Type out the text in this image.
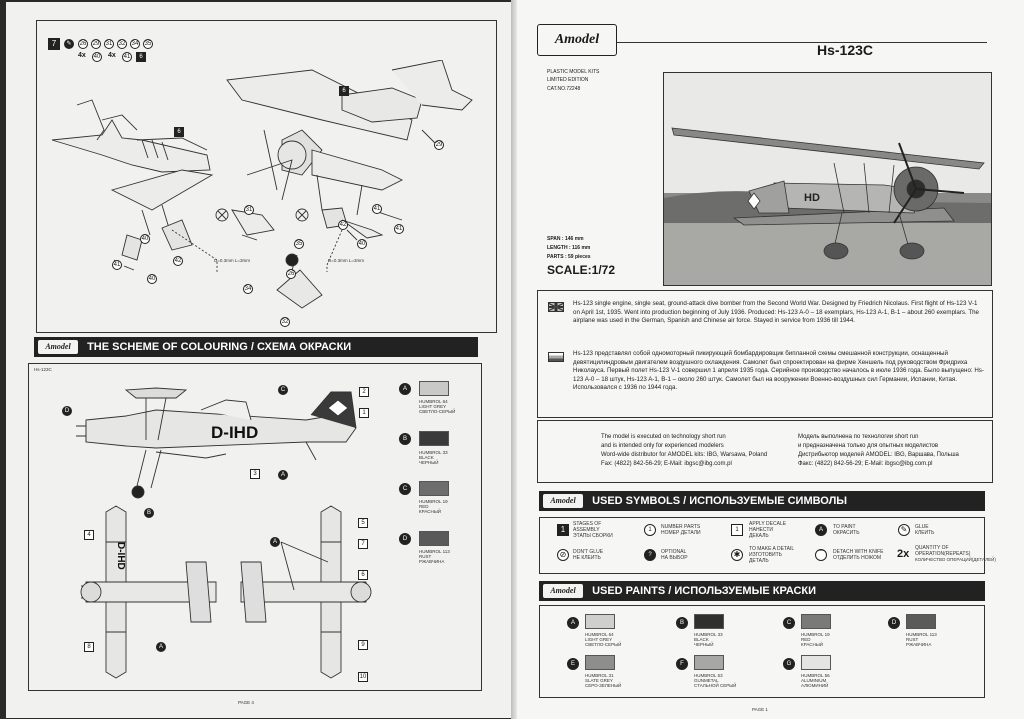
7	✎	26 29 31 32 34 35
4x 40 4x 41	6
6
6
29
41
40
31
35
42
41
40
42
40
41
26
34
32
D=0.3mm L=3mm	D=0.3mm L=3mm
Amodel THE SCHEME OF COLOURING / СХЕМА ОКРАСКИ
Hs-123C
D-IHD
D-IHD
2
1
3
5
7
4
6
8	9
10
C
D
A
B
A
A
A
HUMBROL 64
LIGHT GREY
СВЕТЛО-СЕРЫЙ
B
HUMBROL 33
BLACK
ЧЕРНЫЙ
C
HUMBROL 19
RED
КРАСНЫЙ
D
HUMBROL 113
RUST
РЖАВЧИНА
PAGE 4
Amodel
Hs-123C
PLASTIC MODEL KITS
LIMITED EDITION
CAT.NO.72248
HD
SPAN : 146 mm
LENGTH : 116 mm
PARTS : 59 pieces
SCALE:1/72
Hs-123 single engine, single seat, ground-attack dive bomber from the Second World War. Designed by Friedrich Nicolaus. First flight of Hs-123 V-1 on April 1st, 1935. Went into production beginning of July 1936. Produced: Hs-123 A-0 – 18 exemplars, Hs-123 A-1, B-1 – about 260 exemplars. The airplane was used in the German, Spanish and Chinese air force. Stayed in service from 1936 till 1944.
Hs-123 представлял собой одномоторный пикирующий бомбардировщик бипланной схемы смешанной конструкции, оснащенный девятицилиндровым двигателем воздушного охлаждения. Самолет был спроектирован на фирме Хеншель под руководством Фридриха Николауса. Первый полет Hs-123 V-1 совершил 1 апреля 1935 года. Серийное производство началось в июле 1936 года. Было выпущено: Hs-123 A-0 – 18 штук, Hs-123 A-1, B-1 – около 260 штук. Самолет был на вооружении Военно-воздушных сил Германии, Испании, Китая. Использовался с 1936 по 1944 года.
The model is executed on technology short run
and is intended only for experienced modelers
Word-wide distributor for AMODEL kits: IBG, Warsawa, Poland
Fax: (4822) 842-56-29; E-Mail: ibgsc@ibg.com.pl
Модель выполнена по технологии short run
и предназначена только для опытных моделистов
Дистрибьютор моделей AMODEL: IBG, Варшава, Польша
Факс: (4822) 842-56-29; E-Mail: ibgsc@ibg.com.pl
Amodel USED SYMBOLS / ИСПОЛЬЗУЕМЫЕ СИМВОЛЫ
1
STAGES OF
ASSEMBLY
ЭТАПЫ СБОРКИ
1	NUMBER PARTS
НОМЕР ДЕТАЛИ	1
APPLY DECALE
НАНЕСТИ
ДЕКАЛЬ
A	TO PAINT
ОКРАСИТЬ	✎	GLUE
КЛЕИТЬ
⊘	DON'T GLUE
НЕ КЛЕИТЬ	?	OPTIONAL
НА ВЫБОР	✱
TO MAKE A DETAIL
ИЗГОТОВИТЬ
ДЕТАЛЬ
⌒	DETACH WITH KNIFE
ОТДЕЛИТЬ НОЖОМ 2x QUANTITY OF
OPERATION(REPEATS)
КОЛИЧЕСТВО ОПЕРАЦИЙ(ДЕТАЛЕЙ)
Amodel USED PAINTS / ИСПОЛЬЗУЕМЫЕ КРАСКИ
A
HUMBROL 64
LIGHT GREY
СВЕТЛО-СЕРЫЙ
B
HUMBROL 33
BLACK
ЧЕРНЫЙ
C
HUMBROL 19
RED
КРАСНЫЙ
D
HUMBROL 113
RUST
РЖАВЧИНА
E
HUMBROL 31
SLATE GREY
СЕРО-ЗЕЛЕНЫЙ
F
HUMBROL 53
GUNMETAL
СТАЛЬНОЙ СЕРЫЙ
G
HUMBROL 56
ALUMINIUM
АЛЮМИНИЙ
PAGE 1
